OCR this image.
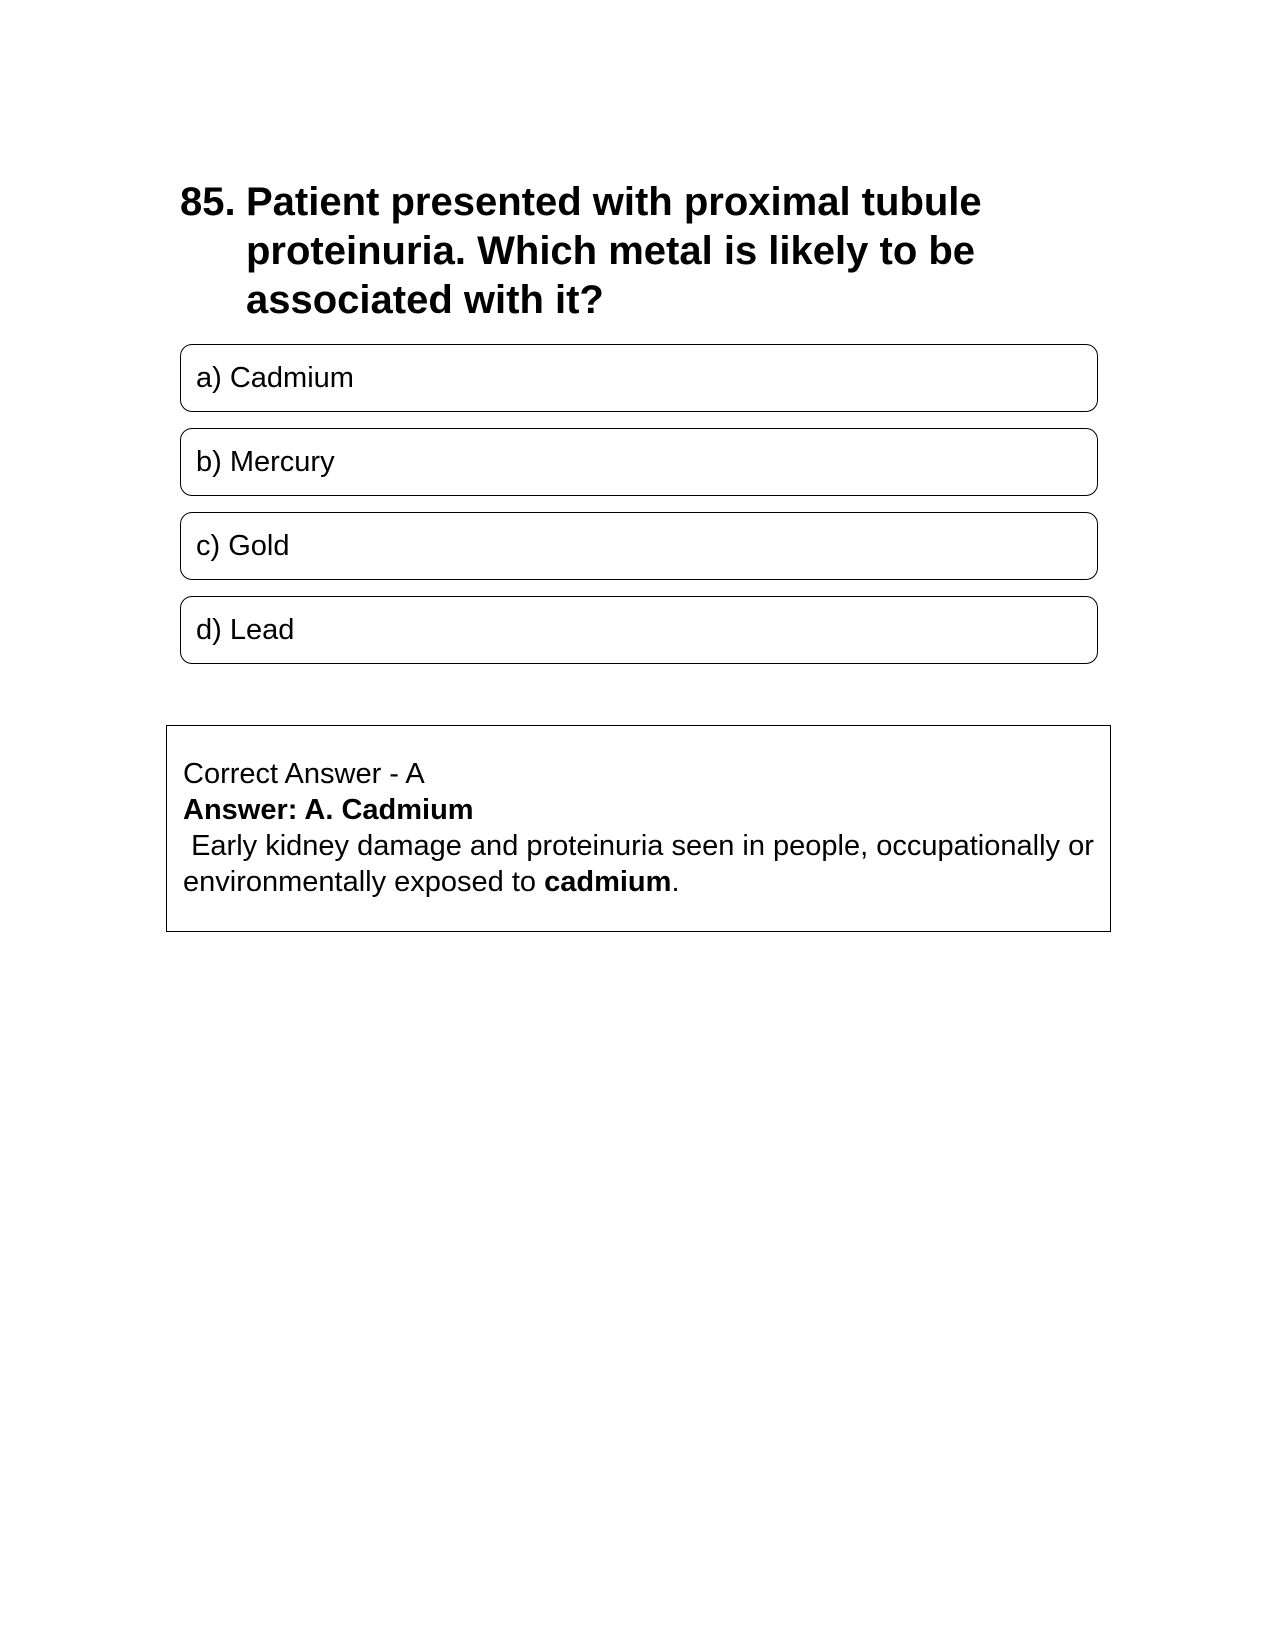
85. Patient presented with proximal tubule proteinuria. Which metal is likely to be associated with it?
a) Cadmium
b) Mercury
c) Gold
d) Lead
Correct Answer - A
Answer: A. Cadmium
Early kidney damage and proteinuria seen in people, occupationally or environmentally exposed to cadmium.
